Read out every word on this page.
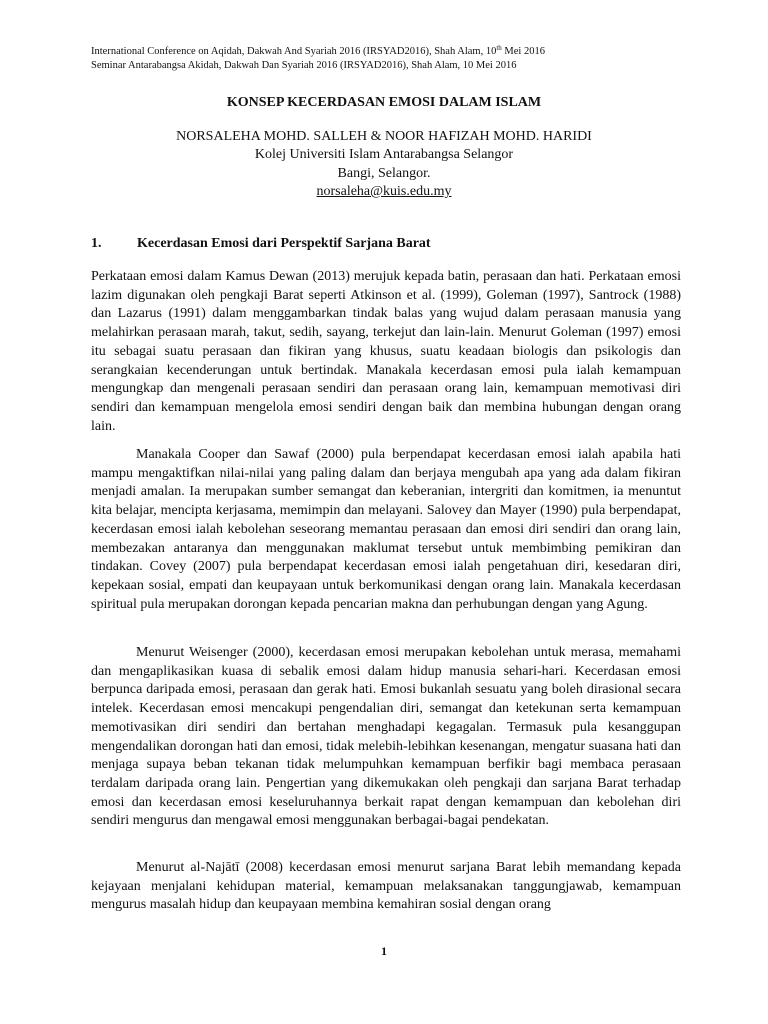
International Conference on Aqidah, Dakwah And Syariah 2016 (IRSYAD2016), Shah Alam, 10th Mei 2016
Seminar Antarabangsa Akidah, Dakwah Dan Syariah 2016 (IRSYAD2016), Shah Alam, 10 Mei 2016
KONSEP KECERDASAN EMOSI DALAM ISLAM
NORSALEHA MOHD. SALLEH & NOOR HAFIZAH MOHD. HARIDI
Kolej Universiti Islam Antarabangsa Selangor
Bangi, Selangor.
norsaleha@kuis.edu.my
1.	Kecerdasan Emosi dari Perspektif Sarjana Barat

Perkataan emosi dalam Kamus Dewan (2013) merujuk kepada batin, perasaan dan hati. Perkataan emosi lazim digunakan oleh pengkaji Barat seperti Atkinson et al. (1999), Goleman (1997), Santrock (1988) dan Lazarus (1991) dalam menggambarkan tindak balas yang wujud dalam perasaan manusia yang melahirkan perasaan marah, takut, sedih, sayang, terkejut dan lain-lain. Menurut Goleman (1997) emosi itu sebagai suatu perasaan dan fikiran yang khusus, suatu keadaan biologis dan psikologis dan serangkaian kecenderungan untuk bertindak. Manakala kecerdasan emosi pula ialah kemampuan mengungkap dan mengenali perasaan sendiri dan perasaan orang lain, kemampuan memotivasi diri sendiri dan kemampuan mengelola emosi sendiri dengan baik dan membina hubungan dengan orang lain.

Manakala Cooper dan Sawaf (2000) pula berpendapat kecerdasan emosi ialah apabila hati mampu mengaktifkan nilai-nilai yang paling dalam dan berjaya mengubah apa yang ada dalam fikiran menjadi amalan. Ia merupakan sumber semangat dan keberanian, intergriti dan komitmen, ia menuntut kita belajar, mencipta kerjasama, memimpin dan melayani. Salovey dan Mayer (1990) pula berpendapat, kecerdasan emosi ialah kebolehan seseorang memantau perasaan dan emosi diri sendiri dan orang lain, membezakan antaranya dan menggunakan maklumat tersebut untuk membimbing pemikiran dan tindakan. Covey (2007) pula berpendapat kecerdasan emosi ialah pengetahuan diri, kesedaran diri, kepekaan sosial, empati dan keupayaan untuk berkomunikasi dengan orang lain. Manakala kecerdasan spiritual pula merupakan dorongan kepada pencarian makna dan perhubungan dengan yang Agung.

Menurut Weisenger (2000), kecerdasan emosi merupakan kebolehan untuk merasa, memahami dan mengaplikasikan kuasa di sebalik emosi dalam hidup manusia sehari-hari. Kecerdasan emosi berpunca daripada emosi, perasaan dan gerak hati. Emosi bukanlah sesuatu yang boleh dirasional secara intelek. Kecerdasan emosi mencakupi pengendalian diri, semangat dan ketekunan serta kemampuan memotivasikan diri sendiri dan bertahan menghadapi kegagalan. Termasuk pula kesanggupan mengendalikan dorongan hati dan emosi, tidak melebih-lebihkan kesenangan, mengatur suasana hati dan menjaga supaya beban tekanan tidak melumpuhkan kemampuan berfikir bagi membaca perasaan terdalam daripada orang lain. Pengertian yang dikemukakan oleh pengkaji dan sarjana Barat terhadap emosi dan kecerdasan emosi keseluruhannya berkait rapat dengan kemampuan dan kebolehan diri sendiri mengurus dan mengawal emosi menggunakan berbagai-bagai pendekatan.

Menurut al-Najātī (2008) kecerdasan emosi menurut sarjana Barat lebih memandang kepada kejayaan menjalani kehidupan material, kemampuan melaksanakan tanggungjawab, kemampuan mengurus masalah hidup dan keupayaan membina kemahiran sosial dengan orang

1
